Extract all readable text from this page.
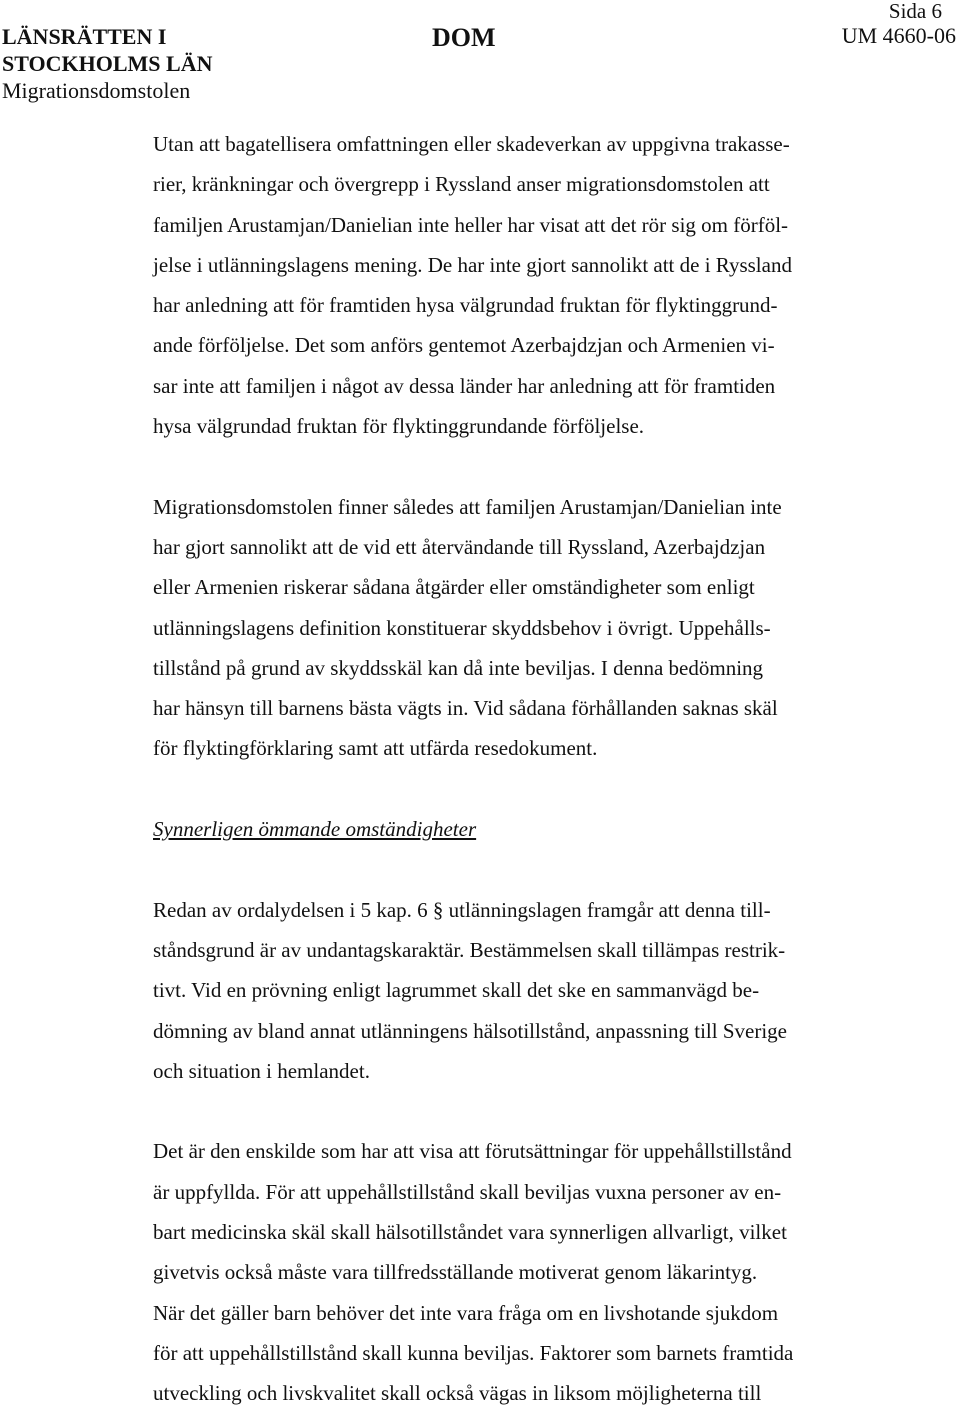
LÄNSRÄTTEN I
STOCKHOLMS LÄN
Migrationsdomstolen
DOM
Sida 6
UM 4660-06
Utan att bagatellisera omfattningen eller skadeverkan av uppgivna trakasse-
rier, kränkningar och övergrepp i Ryssland anser migrationsdomstolen att
familjen Arustamjan/Danielian inte heller har visat att det rör sig om förföl-
jelse i utlänningslagens mening. De har inte gjort sannolikt att de i Ryssland
har anledning att för framtiden hysa välgrundad fruktan för flyktinggrund-
ande förföljelse. Det som anförs gentemot Azerbajdzjan och Armenien vi-
sar inte att familjen i något av dessa länder har anledning att för framtiden
hysa välgrundad fruktan för flyktinggrundande förföljelse.
Migrationsdomstolen finner således att familjen Arustamjan/Danielian inte
har gjort sannolikt att de vid ett återvändande till Ryssland, Azerbajdzjan
eller Armenien riskerar sådana åtgärder eller omständigheter som enligt
utlänningslagens definition konstituerar skyddsbehov i övrigt. Uppehålls-
tillstånd på grund av skyddsskäl kan då inte beviljas. I denna bedömning
har hänsyn till barnens bästa vägts in. Vid sådana förhållanden saknas skäl
för flyktingförklaring samt att utfärda resedokument.
Synnerligen ömmande omständigheter
Redan av ordalydelsen i 5 kap. 6 § utlänningslagen framgår att denna till-
ståndsgrund är av undantagskaraktär. Bestämmelsen skall tillämpas restrik-
tivt. Vid en prövning enligt lagrummet skall det ske en sammanvägd be-
dömning av bland annat utlänningens hälsotillstånd, anpassning till Sverige
och situation i hemlandet.
Det är den enskilde som har att visa att förutsättningar för uppehållstillstånd
är uppfyllda. För att uppehållstillstånd skall beviljas vuxna personer av en-
bart medicinska skäl skall hälsotillståndet vara synnerligen allvarligt, vilket
givetvis också måste vara tillfredsställande motiverat genom läkarintyg.
När det gäller barn behöver det inte vara fråga om en livshotande sjukdom
för att uppehållstillstånd skall kunna beviljas. Faktorer som barnets framtida
utveckling och livskvalitet skall också vägas in liksom möjligheterna till
